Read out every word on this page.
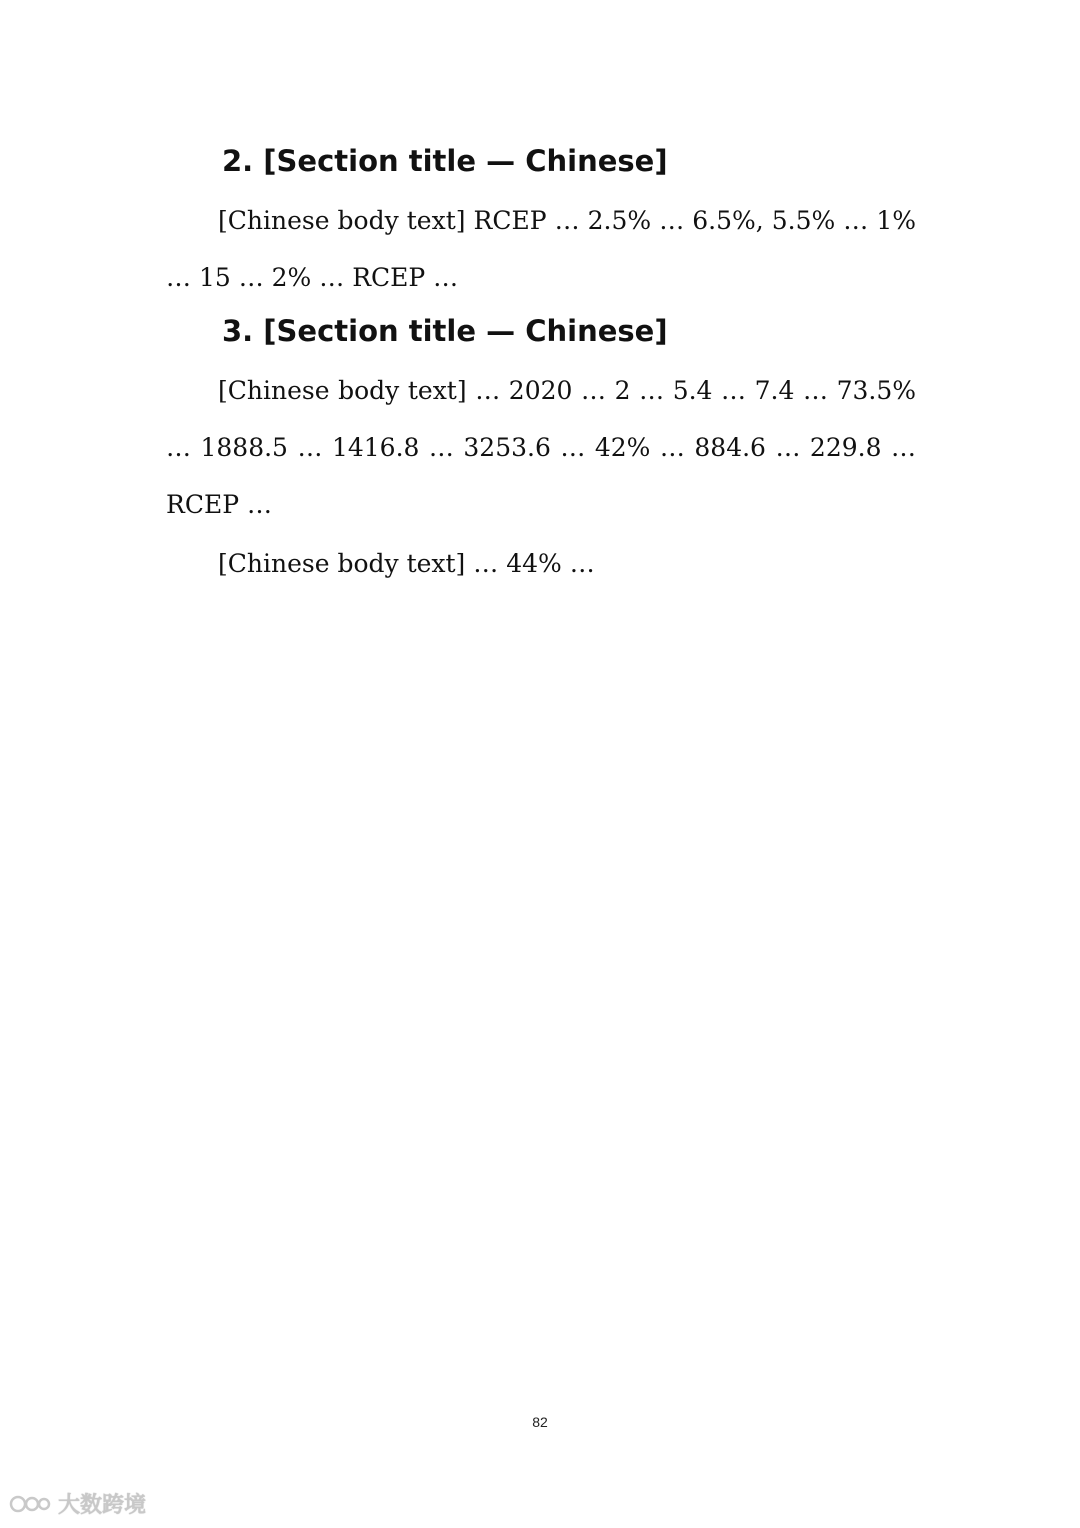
2. [Section title — Chinese]

[Chinese body text] RCEP … 2.5% … 6.5%, 5.5% … 1% … 15 … 2% … RCEP …

3. [Section title — Chinese]

[Chinese body text] … 2020 … 2 … 5.4 … 7.4 … 73.5% … 1888.5 … 1416.8 … 3253.6 … 42% … 884.6 … 229.8 … RCEP …

[Chinese body text] … 44% …

82
大数跨境
